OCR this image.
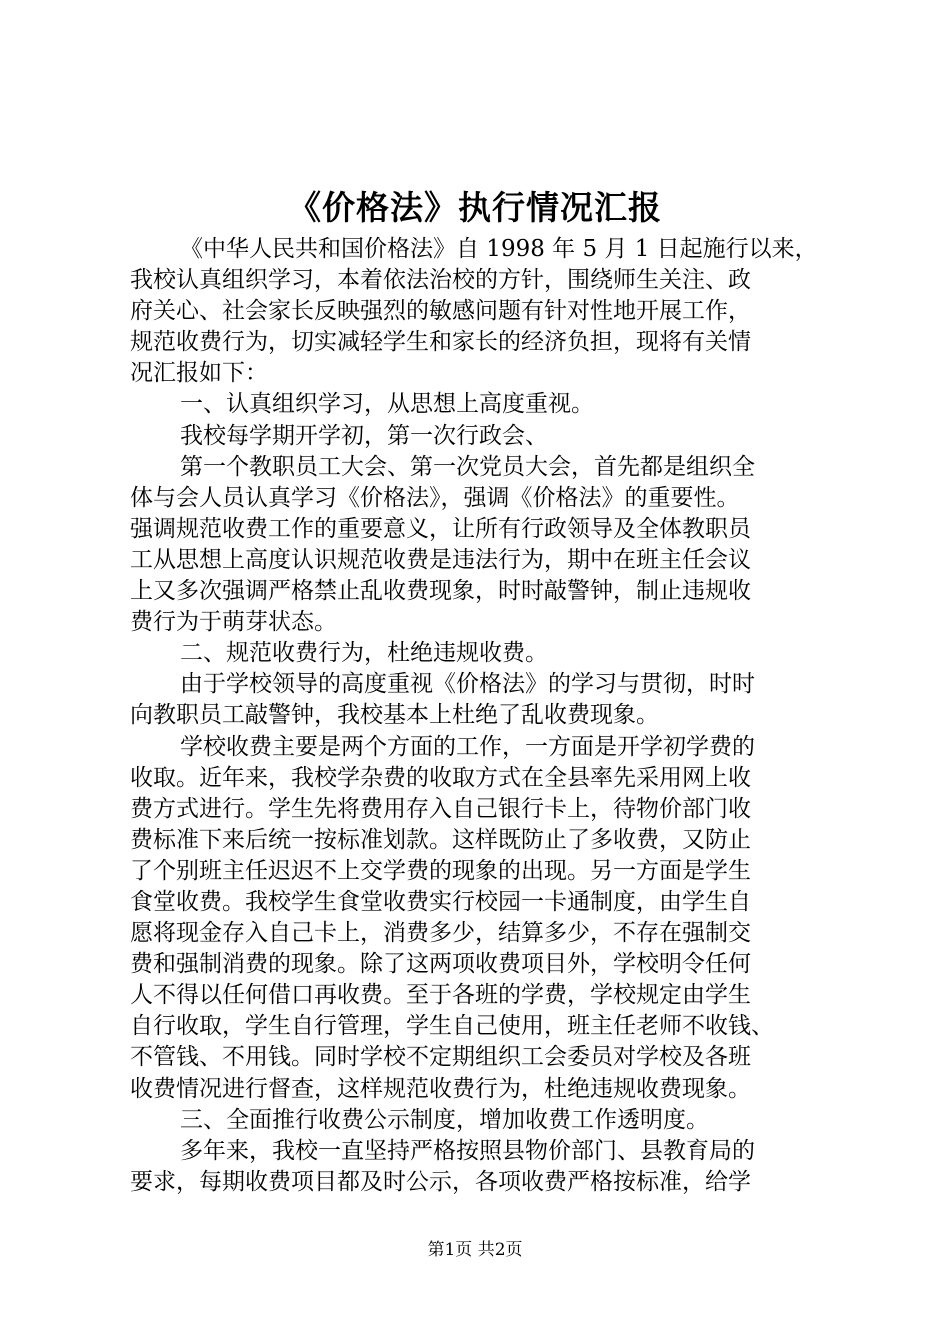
《价格法》执行情况汇报
《中华人民共和国价格法》自 1998 年 5 月 1 日起施行以来，
我校认真组织学习，本着依法治校的方针，围绕师生关注、政
府关心、社会家长反映强烈的敏感问题有针对性地开展工作，
规范收费行为，切实减轻学生和家长的经济负担，现将有关情
况汇报如下：
一、认真组织学习，从思想上高度重视。
我校每学期开学初，第一次行政会、
第一个教职员工大会、第一次党员大会，首先都是组织全
体与会人员认真学习《价格法》，强调《价格法》的重要性。
强调规范收费工作的重要意义，让所有行政领导及全体教职员
工从思想上高度认识规范收费是违法行为，期中在班主任会议
上又多次强调严格禁止乱收费现象，时时敲警钟，制止违规收
费行为于萌芽状态。
二、规范收费行为，杜绝违规收费。
由于学校领导的高度重视《价格法》的学习与贯彻，时时
向教职员工敲警钟，我校基本上杜绝了乱收费现象。
学校收费主要是两个方面的工作，一方面是开学初学费的
收取。近年来，我校学杂费的收取方式在全县率先采用网上收
费方式进行。学生先将费用存入自己银行卡上，待物价部门收
费标准下来后统一按标准划款。这样既防止了多收费，又防止
了个别班主任迟迟不上交学费的现象的出现。另一方面是学生
食堂收费。我校学生食堂收费实行校园一卡通制度，由学生自
愿将现金存入自己卡上，消费多少，结算多少，不存在强制交
费和强制消费的现象。除了这两项收费项目外，学校明令任何
人不得以任何借口再收费。至于各班的学费，学校规定由学生
自行收取，学生自行管理，学生自己使用，班主任老师不收钱、
不管钱、不用钱。同时学校不定期组织工会委员对学校及各班
收费情况进行督查，这样规范收费行为，杜绝违规收费现象。
三、全面推行收费公示制度，增加收费工作透明度。
多年来，我校一直坚持严格按照县物价部门、县教育局的
要求，每期收费项目都及时公示，各项收费严格按标准，给学
第1页 共2页
